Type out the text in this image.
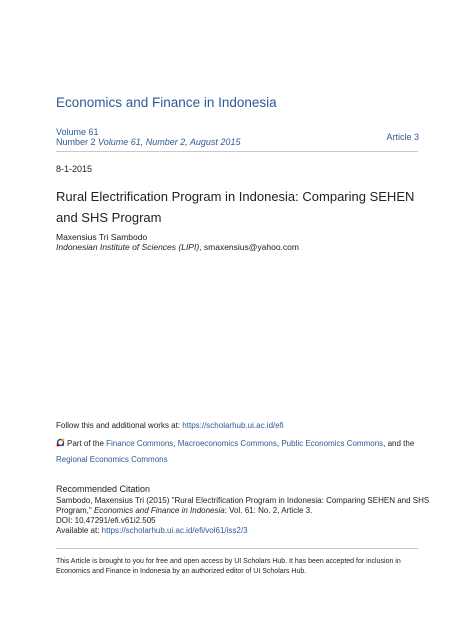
Economics and Finance in Indonesia
Volume 61
Number 2 Volume 61, Number 2, August 2015	Article 3
8-1-2015
Rural Electrification Program in Indonesia: Comparing SEHEN and SHS Program
Maxensius Tri Sambodo
Indonesian Institute of Sciences (LIPI), smaxensius@yahoo.com
Follow this and additional works at: https://scholarhub.ui.ac.id/efi
Part of the Finance Commons, Macroeconomics Commons, Public Economics Commons, and the
Regional Economics Commons
Recommended Citation
Sambodo, Maxensius Tri (2015) "Rural Electrification Program in Indonesia: Comparing SEHEN and SHS Program," Economics and Finance in Indonesia: Vol. 61: No. 2, Article 3.
DOI: 10.47291/efi.v61i2.505
Available at: https://scholarhub.ui.ac.id/efi/vol61/iss2/3
This Article is brought to you for free and open access by UI Scholars Hub. It has been accepted for inclusion in Economics and Finance in Indonesia by an authorized editor of UI Scholars Hub.
